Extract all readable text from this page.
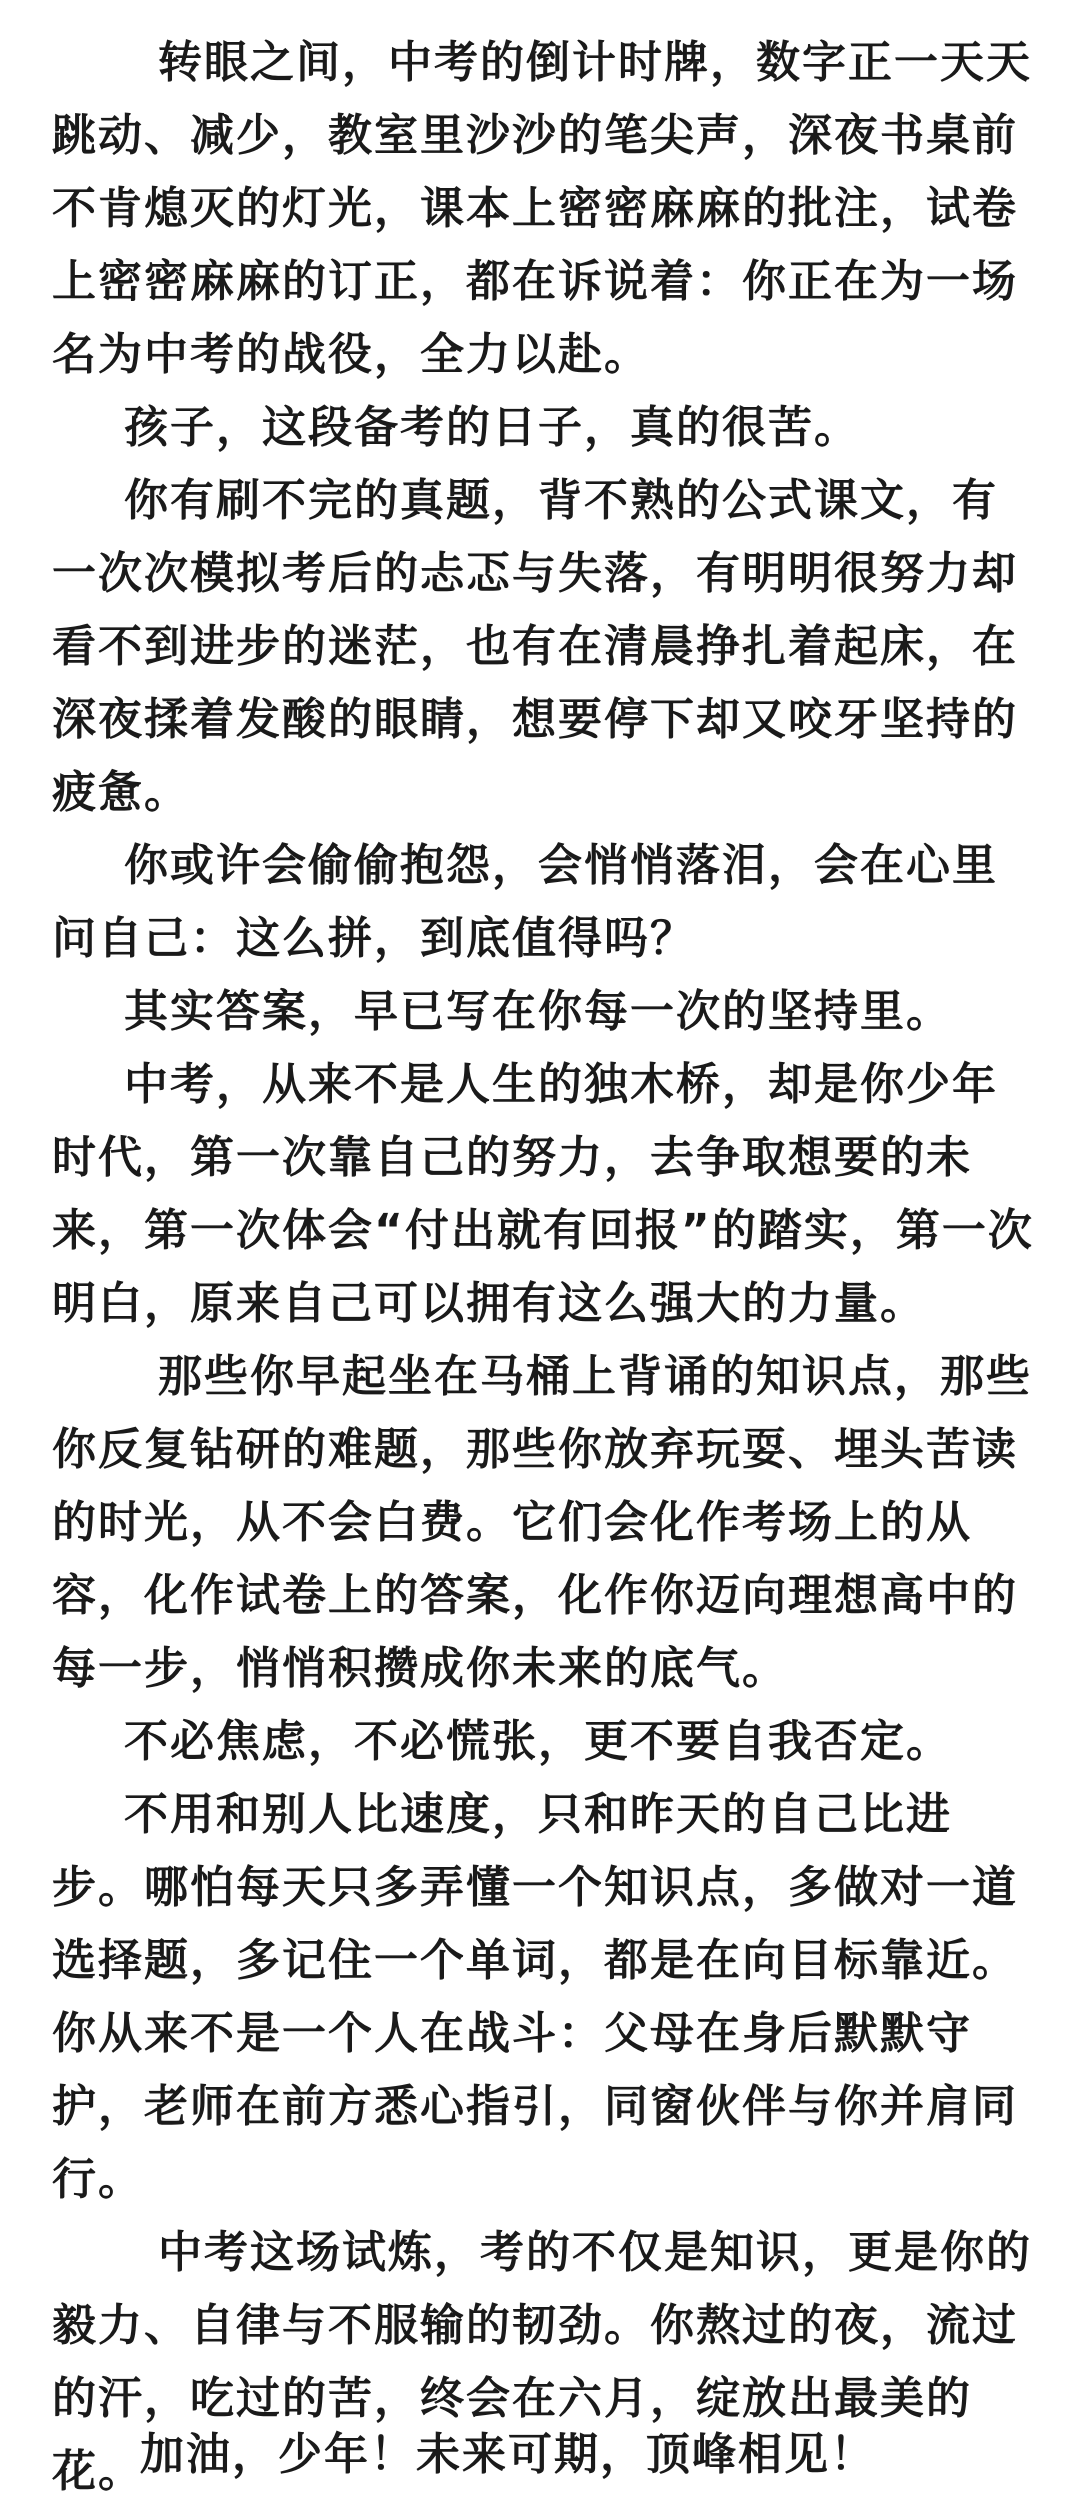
转眼之间，中考的倒计时牌，数字正一天天跳动、减少，教室里沙沙的笔尖声，深夜书桌前不肯熄灭的灯光，课本上密密麻麻的批注，试卷上密密麻麻的订正，都在诉说着：你正在为一场名为中考的战役，全力以赴。

孩子，这段备考的日子，真的很苦。

你有刷不完的真题，背不熟的公式课文，有一次次模拟考后的忐忑与失落，有明明很努力却看不到进步的迷茫，也有在清晨挣扎着起床，在深夜揉着发酸的眼睛，想要停下却又咬牙坚持的疲惫。

你或许会偷偷抱怨，会悄悄落泪，会在心里问自己：这么拼，到底值得吗？

其实答案，早已写在你每一次的坚持里。

中考，从来不是人生的独木桥，却是你少年时代，第一次靠自己的努力，去争取想要的未来，第一次体会“付出就有回报”的踏实，第一次明白，原来自己可以拥有这么强大的力量。

那些你早起坐在马桶上背诵的知识点，那些你反复钻研的难题，那些你放弃玩耍、埋头苦读的时光，从不会白费。它们会化作考场上的从容，化作试卷上的答案，化作你迈向理想高中的每一步，悄悄积攒成你未来的底气。

不必焦虑，不必慌张，更不要自我否定。

不用和别人比速度，只和昨天的自己比进步。哪怕每天只多弄懂一个知识点，多做对一道选择题，多记住一个单词，都是在向目标靠近。

你从来不是一个人在战斗：父母在身后默默守护，老师在前方悉心指引，同窗伙伴与你并肩同行。

中考这场试炼，考的不仅是知识，更是你的毅力、自律与不服输的韧劲。你熬过的夜，流过的汗，吃过的苦，终会在六月，绽放出最美的花。

加油，少年！未来可期，顶峰相见！
